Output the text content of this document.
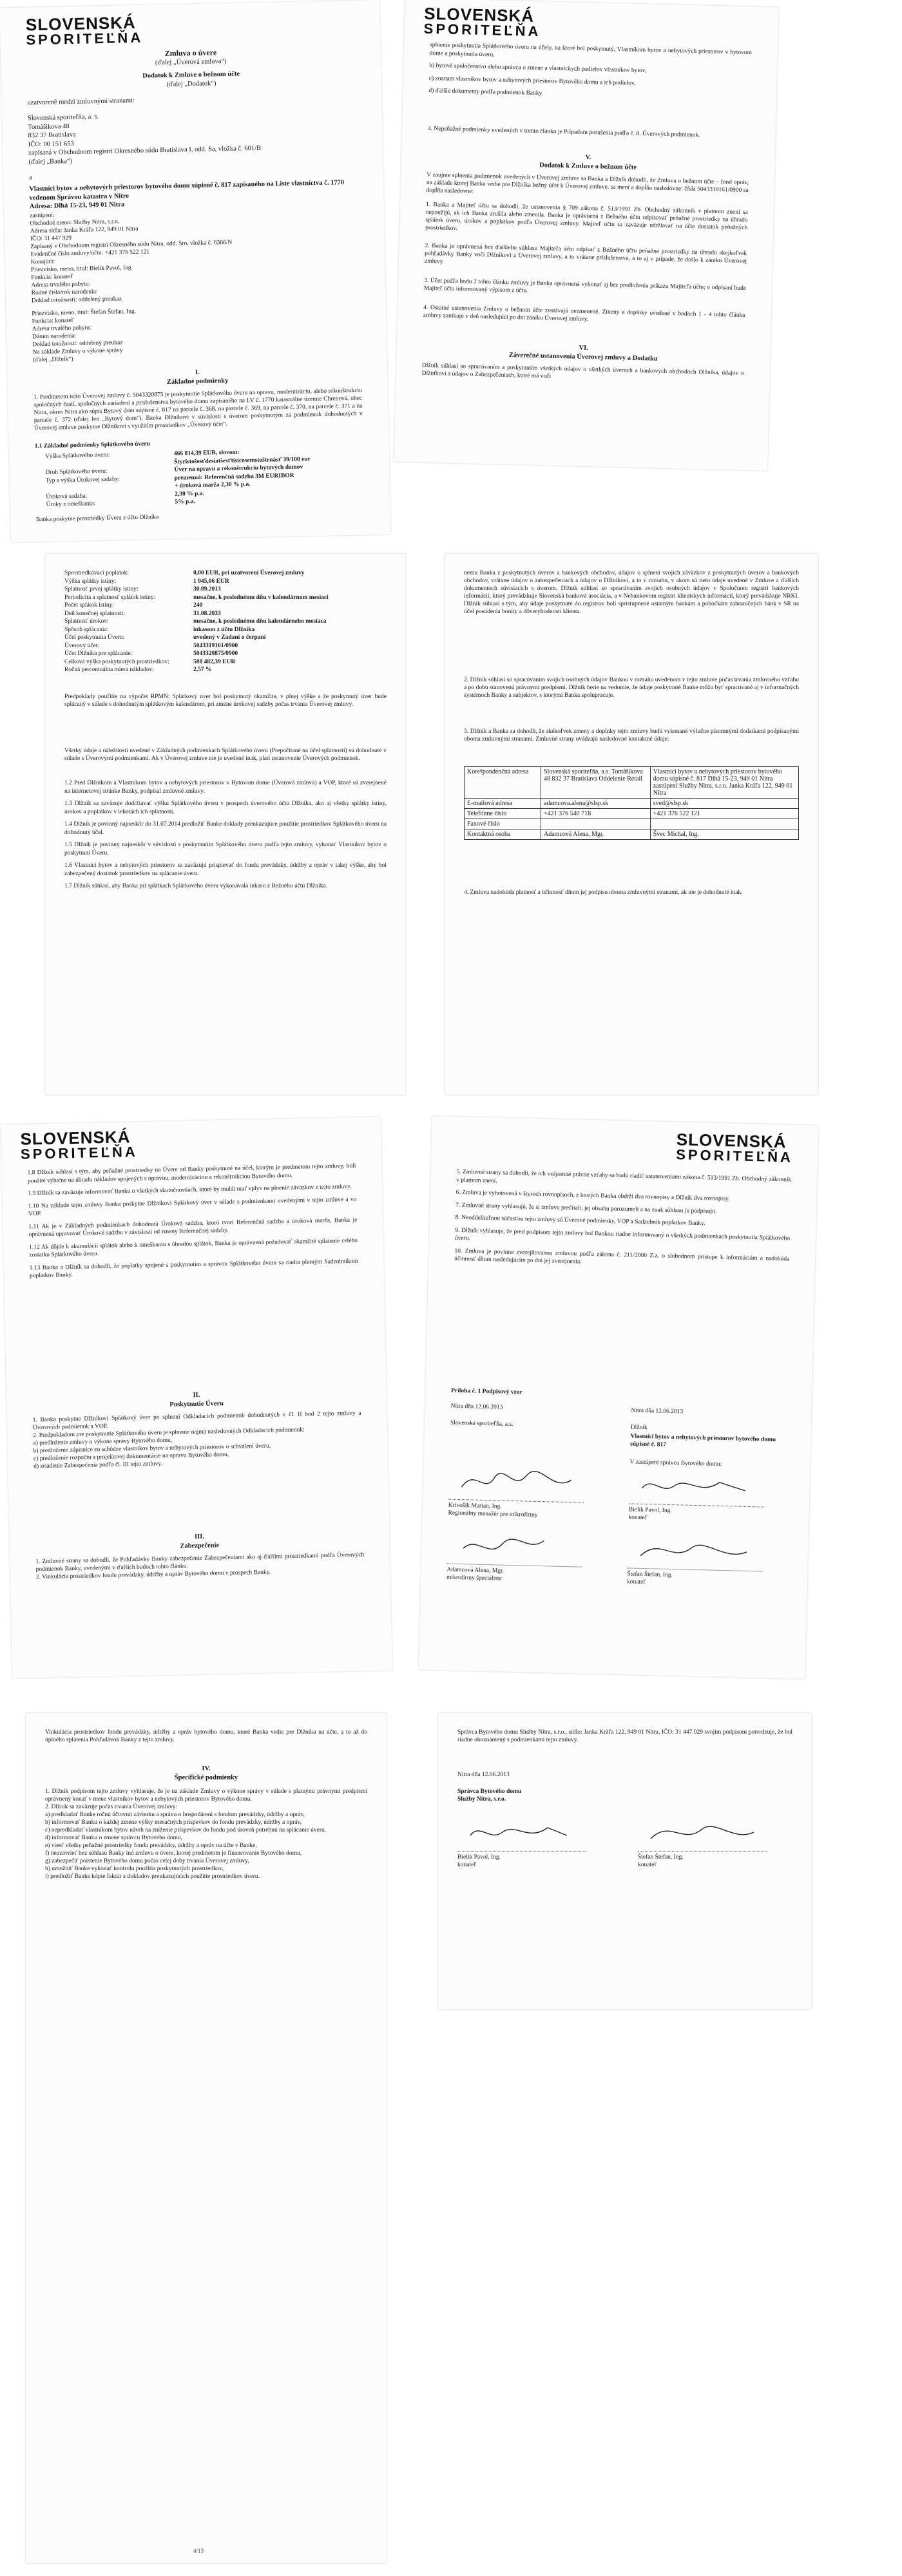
SLOVENSKÁ
SPORITEĽŇA
Zmluva o úvere
(ďalej „Úverová zmluva“)
Dodatok k Zmluve o bežnom účte
(ďalej „Dodatok“)
uzatvorené medzi zmluvnými stranami:
Slovenská sporiteľňa, a. s.
Tomášikova 48
832 37 Bratislava
IČO: 00 151 653
zapísaná v Obchodnom registri Okresného súdu Bratislava I, odd. Sa, vložka č. 601/B
(ďalej „Banka“)
a
Vlastníci bytov a nebytových priestorov bytového domu súpisné č. 817 zapísaného na Liste vlastníctva č. 1770 vedenom Správou katastra v Nitre
Adresa: Dlhá 15-23, 949 01 Nitra
zastúpení:
Obchodné meno: Služby Nitra, s.r.o.
Adresa sídla: Janka Kráľa 122, 949 01 Nitra
IČO: 31 447 929
Zapísaný v Obchodnom registri Okresného súdu Nitra, odd. Sro, vložka č. 6366/N
Evidenčné číslo zmluvy/účtu: +421 376 522 121
Konajúci:
Priezvisko, meno, titul: Bielik Pavol, Ing.
Funkcia: konateľ
Adresa trvalého pobytu:
Rodné číslo/rok narodenia:
Doklad totožnosti: oddelený preukaz
Priezvisko, meno, titul: Štefan Štefan, Ing.
Funkcia: konateľ
Adresa trvalého pobytu:
Dátum narodenia:
Doklad totožnosti: oddelený preukaz
Na základe Zmluvy o výkone správy
(ďalej „Dlžník“)
I.
Základné podmienky
1. Predmetom tejto Úverovej zmluvy č. 5043320875 je poskytnutie Splátkového úveru na opravu, modernizáciu, alebo rekonštrukciu spoločných častí, spoločných zariadení a príslušenstva bytového domu zapísaného na LV č. 1770 katastrálne územie Chrenová, obec Nitra, okres Nitra ako súpis Bytový dom súpisné č. 817 na parcele č. 368, na parcele č. 369, na parcele č. 370, na parcele č. 371 a na parcele č. 372 (ďalej len „Bytový dom“). Banka Dlžníkovi v súvislosti s úverom poskytnutým za podmienok dohodnutých v Úverovej zmluve poskytne Dlžníkovi s využitím prostriedkov „Úverový účet“.
1.1 Základné podmienky Splátkového úveru
Výška Splátkového úveru:	466 814,39 EUR, slovom:
Štyristošesťdesiatšesťtisícosemstoštrnásť 39/100 eur
Druh Splátkového úveru:	Úver na opravu a rekonštrukciu bytových domov
Typ a výška Úrokovej sadzby:	premenná: Referenčná sadzba 3M EURIBOR
+ úroková marža 2,30 % p.a.
Úroková sadzba:	2,30 % p.a.
Úroky z omeškania:	5% p.a.
Banka poskytne prostriedky Úveru z účtu Dlžníka
SLOVENSKÁ
SPORITEĽŇA
splnenie poskytnutia Splátkového úveru na účely, na ktoré bol poskytnutý, Vlastníkom bytov a nebytových priestorov v bytovom dome a poskytnutia úveru,
b) bytové spoločenstvo alebo správca o zmene a vlastníckych podielov vlastníkov bytov,
c) zoznam vlastníkov bytov a nebytových priestorov Bytového domu a ich podielov,
d) ďalšie dokumenty podľa podmienok Banky.
4. Nepeňažné podmienky uvedených v tomto článku je Prípadom porušenia podľa č. 8. Úverových podmienok.
V.
Dodatok k Zmluve o bežnom účte
V záujme splnenia podmienok uvedených v Úverovej zmluve sa Banka a Dlžník dohodli, že Zmluva o bežnom účte – fond opráv, na základe ktorej Banka vedie pre Dlžníka bežný účet k Úverovej zmluve, sa mení a dopĺňa nasledovne: čísla 5043319161/0900 sa dopĺňa nasledovne:
1. Banka a Majiteľ účtu sa dohodli, že ustanovenia § 709 zákona č. 513/1991 Zb. Obchodný zákonník v platnom znení sa nepoužijú, ak ich Banka zrušila alebo zmenila. Banka je oprávnená z Bežného účtu odpisovať peňažné prostriedky na úhradu splátok úveru, úrokov a poplatkov podľa Úverovej zmluvy. Majiteľ účtu sa zaväzuje udržiavať na účte dostatok peňažných prostriedkov.
2. Banka je oprávnená bez ďalšieho súhlasu Majiteľa účtu odpísať z Bežného účtu peňažné prostriedky na úhradu akejkoľvek pohľadávky Banky voči Dlžníkovi z Úverovej zmluvy, a to vrátane príslušenstva, a to aj v prípade, že došlo k zániku Úverovej zmluvy.
3. Účet podľa bodu 2 tohto článku zmluvy je Banka oprávnená vykonať aj bez predloženia príkazu Majiteľa účtu; o odpísaní bude Majiteľ účtu informovaný výpisom z účtu.
4. Ostatné ustanovenia Zmluvy o bežnom účte zostávajú nezmenené. Zmeny a doplnky uvedené v bodoch 1 - 4 tohto článku zmluvy zanikajú v deň nasledujúci po dni zániku Úverovej zmluvy.
VI.
Záverečné ustanovenia Úverovej zmluvy a Dodatku
Dlžník súhlasí so spracúvaním a poskytnutím všetkých údajov o všetkých úveroch a bankových obchodoch Dlžníka, údajov o Dlžníkovi a údajov o Zabezpečeniach, ktoré má voči
Sprostredkúvací poplatok:	0,00 EUR, pri uzatvorení Úverovej zmluvy
Výška splátky istiny:	1 945,06 EUR
Splatnosť prvej splátky istiny:	30.09.2013
Periodicita a splatnosť splátok istiny:	mesačne, k poslednému dňu v kalendárnom mesiaci
Počet splátok istiny:	240
Deň konečnej splatnosti:	31.08.2033
Splatnosť úrokov:	mesačne, k poslednému dňu kalendárneho mesiaca
Spôsob splácania:	inkasom z účtu Dlžníka
Účel poskytnutia Úveru:	uvedený v Zadaní o čerpaní
Úverový účet:	5043319161/0900
Účet Dlžníka pre splácanie:	5043320875/0900
Celková výška poskytnutých prostriedkov:	588 482,39 EUR
Ročná percentuálna miera nákladov:	2,57 %
Predpoklady pouľitie na výpočet RPMN: Splátkový úver bol poskytnutý okamžite, v plnej výške a že poskytnutý úver bude splácaný v súlade s dohodnutým splátkovým kalendárom, pri zmene úrokovej sadzby počas trvania Úverovej zmluvy.
Všetky údaje a náležitosti uvedené v Základných podmienkach Splátkového úveru (Prepočítané na účel splatnosti) sú dohodnuté v súlade s Úverovými podmienkami. Ak v Úverovej zmluve nie je uvedené inak, platí ustanovenie Úverových podmienok.
1.2 Pred Dlžníkom a Vlastníkom bytov a nebytových priestorov v Bytovom dome (Úverová zmluva) a VOP, ktoré sú zverejnené na internetovej stránke Banky, podpísal zmluvné zmluvy.
1.3 Dlžník sa zaväzuje dodržiavať výšku Splátkového úveru v prospech úverového účtu Dlžníka, ako aj všetky splátky istiny, úrokov a poplatkov v lehotách ich splatnosti.
1.4 Dlžník je povinný najneskôr do 31.07.2014 predložiť Banke doklady preukazujúce použitie prostriedkov Splátkového úveru na dohodnutý účel.
1.5 Dlžník je povinný najneskôr v súvislosti s poskytnutím Splátkového úveru podľa tejto zmluvy, vykonať Vlastníkov bytov o poskytnutí Úveru.
1.6 Vlastníci bytov a nebytových priestorov sa zaväzujú prispievať do fondu prevádzky, údržby a opráv v takej výške, aby bol zabezpečený dostatok prostriedkov na splácanie úveru.
1.7 Dlžník súhlasí, aby Banka pri splátkach Splátkového úveru vykonávala inkaso z Bežného účtu Dlžníka.
nemu Banka z poskytnutých úverov a bankových obchodov, údajov o splnení svojich záväzkov z poskytnutých úverov a bankových obchodov, vrátane údajov o zabezpečeniach a údajov o Dlžníkovi, a to v rozsahu, v akom sú tieto údaje uvedené v Zmluve a ďalších dokumentoch súvisiacich s úverom. Dlžník súhlasí so spracúvaním svojich osobných údajov v Spoločnom registri bankových informácií, ktorý prevádzkuje Slovenská banková asociácia, a v Nebankovom registri klientskych informácií, ktorý prevádzkuje NRKI. Dlžník súhlasí s tým, aby údaje poskytnuté do registrov boli sprístupnené ostatným bankám a pobočkám zahraničných bánk v SR na účel posúdenia bonity a dôveryhodnosti klienta.
2. Dlžník súhlasí so spracúvaním svojich osobných údajov Bankou v rozsahu uvedenom v tejto zmluve počas trvania zmluvného vzťahu a po dobu stanovenú právnymi predpismi. Dlžník berie na vedomie, že údaje poskytnuté Banke môžu byť spracúvané aj v informačných systémoch Banky a subjektov, s ktorými Banka spolupracuje.
3. Dlžník a Banka sa dohodli, že akékoľvek zmeny a doplnky tejto zmluvy budú vykonané výlučne písomnými dodatkami podpísanými oboma zmluvnými stranami. Zmluvné strany uvádzajú nasledovné kontaktné údaje:
Korešpondenčná adresa	Slovenská sporiteľňa, a.s. Tomášikova 48 832 37 Bratislava Oddelenie Retail	Vlastníci bytov a nebytových priestorov bytového domu súpisné č. 817 Dlhá 15-23, 949 01 Nitra zastúpení Služby Nitra, s.r.o. Janka Kráľa 122, 949 01 Nitra
E-mailová adresa	adamcova.alena@slsp.sk	sved@slsp.sk
Telefónne číslo	+421 376 540 718	+421 376 522 121
Faxové číslo		
Kontaktná osoba	Adamcová Alena, Mgr.	Švec Michal, Ing.
4. Zmluva nadobúda platnosť a účinnosť dňom jej podpisu oboma zmluvnými stranami, ak nie je dohodnuté inak.
SLOVENSKÁ
SPORITEĽŇA
1.8 Dlžník súhlasí s tým, aby peňažné prostriedky na Úvere od Banky poskytnuté na účel, ktorým je predmetom tejto zmluvy, boli použité výlučne na úhradu nákladov spojených s opravou, modernizáciou a rekonštrukciou Bytového domu.
1.9 Dlžník sa zaväzuje informovať Banku o všetkých skutočnostiach, ktoré by mohli mať vplyv na plnenie záväzkov z tejto zmluvy.
1.10 Na základe tejto zmluvy Banka poskytne Dlžníkovi Splátkový úver v súlade s podmienkami uvedenými v tejto zmluve a vo VOP.
1.11 Ak je v Základných podmienkach dohodnutá Úroková sadzba, ktorú tvorí Referenčná sadzba a úroková marža, Banka je oprávnená upravovať Úrokovú sadzbu v závislosti od zmeny Referenčnej sadzby.
1.12 Ak dôjde k akumulácii splátok alebo k omeškaniu s úhradou splátok, Banka je oprávnená požadovať okamžité splatenie celého zostatku Splátkového úveru.
1.13 Banka a Dlžník sa dohodli, že poplatky spojené s poskytnutím a správou Splátkového úveru sa riadia platným Sadzobníkom poplatkov Banky.
II.
Poskytnutie Úveru
1. Banka poskytne Dlžníkovi Splátkový úver po splnení Odkladacích podmienok dohodnutých v čl. II bod 2 tejto zmluvy a Úverových podmienok a VOP.
2. Predpokladom pre poskytnutie Splátkového úveru je splnenie najmä nasledovných Odkladacích podmienok:
a) predloženie zmluvy o výkone správy Bytového domu,
b) predloženie zápisnice zo schôdze vlastníkov bytov a nebytových priestorov o schválení úveru,
c) predloženie rozpočtu a projektovej dokumentácie na opravu Bytového domu,
d) zriadenie Zabezpečenia podľa čl. III tejto zmluvy.
III.
Zabezpečenie
1. Zmluvné strany sa dohodli, že Pohľadávky Banky zabezpečenie Zabezpečeniami ako aj ďalšími prostriedkami podľa Úverových podmienok Banky, uvedenými v ďalších bodoch tohto článku.
2. Vinkulácia prostriedkov fondu prevádzky, údržby a opráv Bytového domu v prospech Banky.
SLOVENSKÁ
SPORITEĽŇA
5. Zmluvné strany sa dohodli, že ich vzájomné právne vzťahy sa budú riadiť ustanoveniami zákona č. 513/1991 Zb. Obchodný zákonník v platnom znení.
6. Zmluva je vyhotovená v štyroch rovnopisoch, z ktorých Banka obdrží dva rovnopisy a Dlžník dva rovnopisy.
7. Zmluvné strany vyhlasujú, že si zmluvu prečítali, jej obsahu porozumeli a na znak súhlasu ju podpisujú.
8. Neoddeliteľnou súčasťou tejto zmluvy sú Úverové podmienky, VOP a Sadzobník poplatkov Banky.
9. Dlžník vyhlasuje, že pred podpisom tejto zmluvy bol Bankou riadne informovaný o všetkých podmienkach poskytnutia Splátkového úveru.
10. Zmluva je povinne zverejňovanou zmluvou podľa zákona č. 211/2000 Z.z. o slobodnom prístupe k informáciám a nadobúda účinnosť dňom nasledujúcim po dni jej zverejnenia.
Príloha č. 1 Podpisový vzor
Nitra dňa 12.06.2013
Nitra dňa 12.06.2013
Slovenská sporiteľňa, a.s.	Dlžník
Vlastníci bytov a nebytových priestorov bytového domu súpisné č. 817
V zastúpení správcu Bytového domu:
Krivošík Marian, Ing.
Regionálny manažér pre mikrofirmy	Bielik Pavol, Ing.
konateľ
Adamcová Alena, Mgr.
mikrofirmy špecialista	Štefan Štefan, Ing.
konateľ
Vinkulácia prostriedkov fondu prevádzky, údržby a opráv bytového domu, ktoré Banka vedie pre Dlžníka na účte, a to až do úplného splatenia Pohľadávok Banky z tejto zmluvy.
IV.
Špecifické podmienky
1. Dlžník podpisom tejto zmluvy vyhlasuje, že je na základe Zmluvy o výkone správy v súlade s platnými právnymi predpismi oprávnený konať v mene vlastníkov bytov a nebytových priestorov Bytového domu.
2. Dlžník sa zaväzuje počas trvania Úverovej zmluvy:
a) predkladať Banke ročnú účtovnú závierku a správu o hospodárení s fondom prevádzky, údržby a opráv,
b) informovať Banku o každej zmene výšky mesačných príspevkov do fondu prevádzky, údržby a opráv,
c) nepredkladať vlastníkom bytov návrh na zníženie príspevkov do fondu pod úroveň potrebnú na splácanie úveru,
d) informovať Banku o zmene správcu Bytového domu,
e) viesť všetky peňažné prostriedky fondu prevádzky, údržby a opráv na účte v Banke,
f) neuzavrieť bez súhlasu Banky inú zmluvu o úvere, ktorej predmetom je financovanie Bytového domu,
g) zabezpečiť poistenie Bytového domu počas celej doby trvania Úverovej zmluvy,
h) umožniť Banke vykonať kontrolu použitia poskytnutých prostriedkov,
i) predložiť Banke kópie faktúr a dokladov preukazujúcich použitie prostriedkov úveru.
4/13
Správca Bytového domu Služby Nitra, s.r.o., sídlo: Janka Kráľa 122, 949 01 Nitra, IČO: 31 447 929 svojim podpisom potvrdzuje, že bol riadne oboznámený s podmienkami tejto zmluvy.
Nitra dňa 12.06.2013
Správca Bytového domu
Služby Nitra, s.r.o.
Bielik Pavol, Ing.
konateľ
Štefan Štefan, Ing.
konateľ
